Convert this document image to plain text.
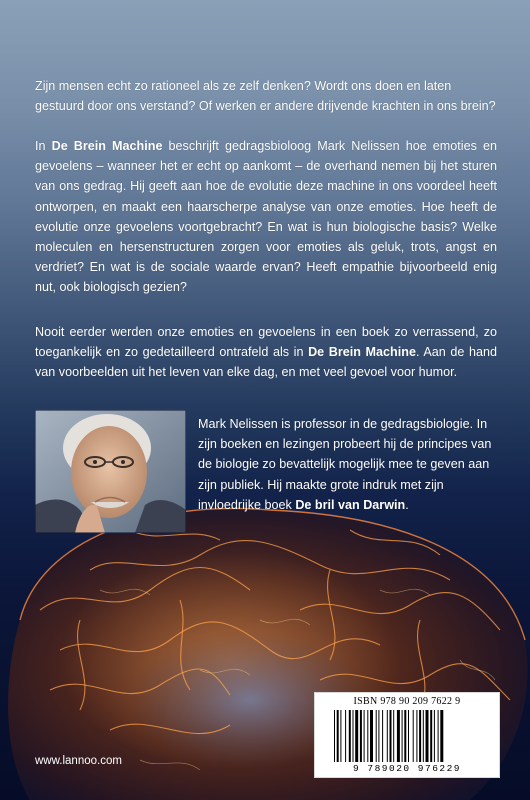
Zijn mensen echt zo rationeel als ze zelf denken? Wordt ons doen en laten gestuurd door ons verstand? Of werken er andere drijvende krachten in ons brein?

In De Brein Machine beschrijft gedragsbioloog Mark Nelissen hoe emoties en gevoelens – wanneer het er echt op aankomt – de overhand nemen bij het sturen van ons gedrag. Hij geeft aan hoe de evolutie deze machine in ons voordeel heeft ontworpen, en maakt een haarscherpe analyse van onze emoties. Hoe heeft de evolutie onze gevoelens voortgebracht? En wat is hun biologische basis? Welke moleculen en hersenstructuren zorgen voor emoties als geluk, trots, angst en verdriet? En wat is de sociale waarde ervan? Heeft empathie bijvoorbeeld enig nut, ook biologisch gezien?

Nooit eerder werden onze emoties en gevoelens in een boek zo verrassend, zo toegankelijk en zo gedetailleerd ontrafeld als in De Brein Machine. Aan de hand van voorbeelden uit het leven van elke dag, en met veel gevoel voor humor.

Mark Nelissen is professor in de gedragsbiologie. In zijn boeken en lezingen probeert hij de principes van de biologie zo bevattelijk mogelijk mee te geven aan zijn publiek. Hij maakte grote indruk met zijn invloedrijke boek De bril van Darwin.

ISBN 978 90 209 7622 9
9 789020 976229
www.lannoo.com
